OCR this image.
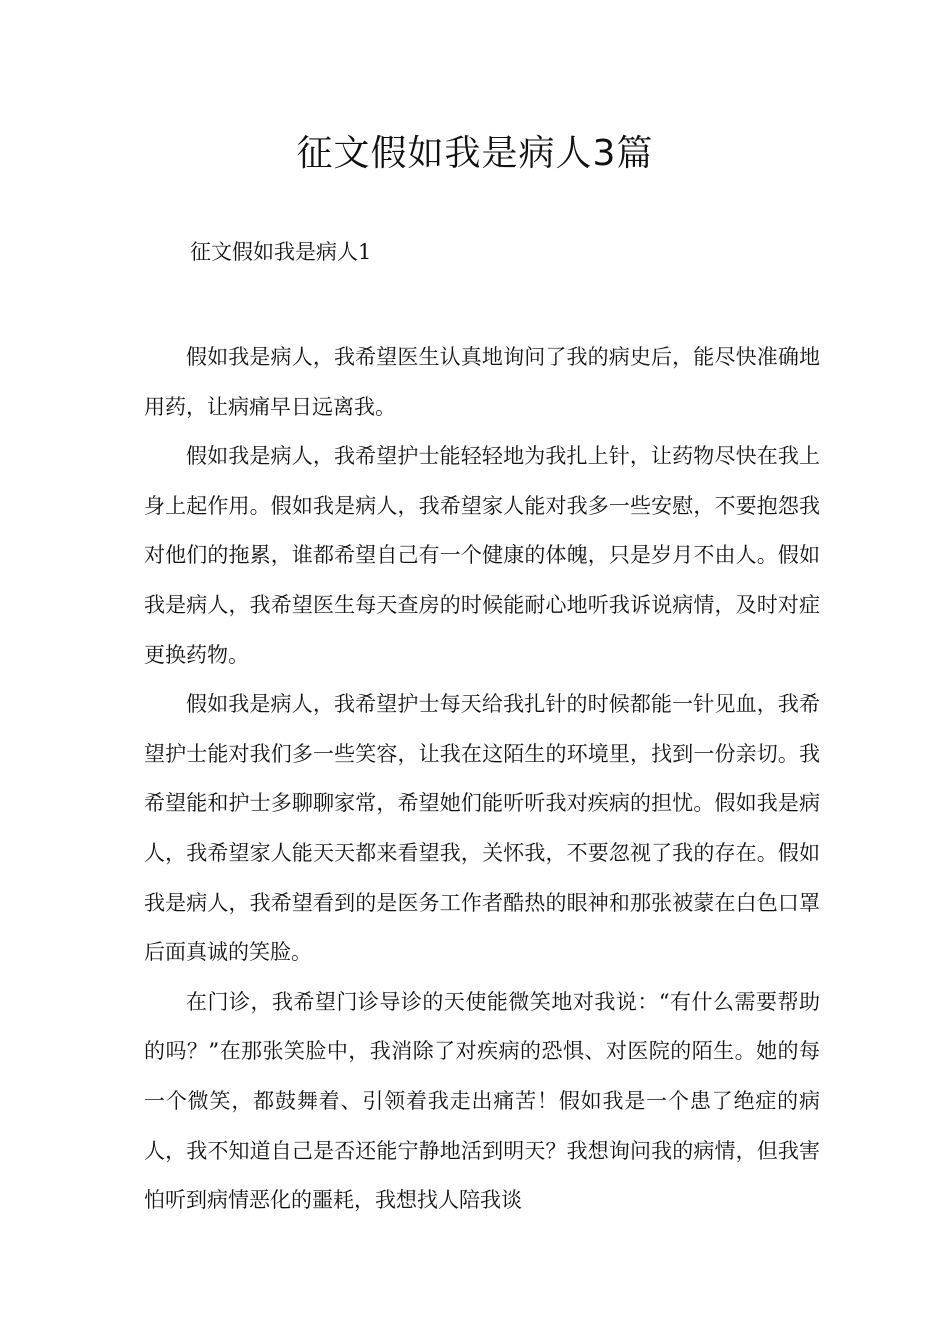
征文假如我是病人3篇
征文假如我是病人1

假如我是病人，我希望医生认真地询问了我的病史后，能尽快准确地用药，让病痛早日远离我。

假如我是病人，我希望护士能轻轻地为我扎上针，让药物尽快在我上身上起作用。假如我是病人，我希望家人能对我多一些安慰，不要抱怨我对他们的拖累，谁都希望自己有一个健康的体魄，只是岁月不由人。假如我是病人，我希望医生每天查房的时候能耐心地听我诉说病情，及时对症更换药物。

假如我是病人，我希望护士每天给我扎针的时候都能一针见血，我希望护士能对我们多一些笑容，让我在这陌生的环境里，找到一份亲切。我希望能和护士多聊聊家常，希望她们能听听我对疾病的担忧。假如我是病人，我希望家人能天天都来看望我，关怀我，不要忽视了我的存在。假如我是病人，我希望看到的是医务工作者酷热的眼神和那张被蒙在白色口罩后面真诚的笑脸。

在门诊，我希望门诊导诊的天使能微笑地对我说：“有什么需要帮助的吗？”在那张笑脸中，我消除了对疾病的恐惧、对医院的陌生。她的每一个微笑，都鼓舞着、引领着我走出痛苦！假如我是一个患了绝症的病人，我不知道自己是否还能宁静地活到明天？我想询问我的病情，但我害怕听到病情恶化的噩耗，我想找人陪我谈
